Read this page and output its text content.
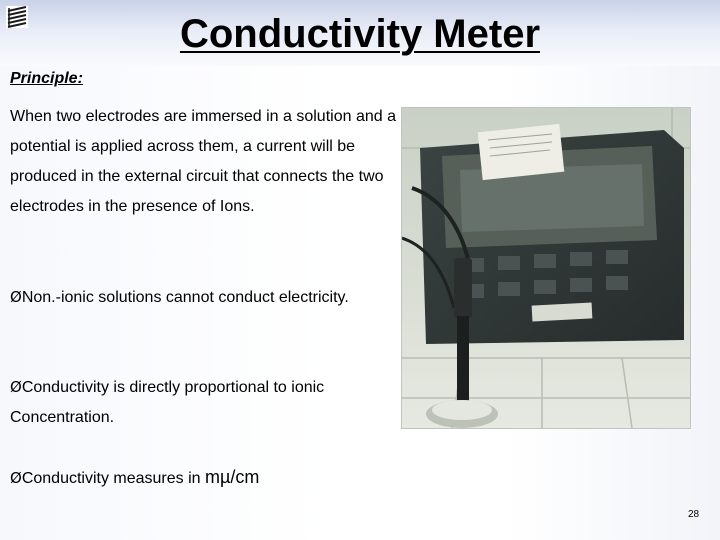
Conductivity Meter
Principle:

When two electrodes are immersed in a solution and a potential is applied across them, a current will be produced in the external circuit that connects the two electrodes in the presence of Ions.

ØNon.-ionic solutions cannot conduct electricity.

ØConductivity is directly proportional to ionic Concentration.

ØConductivity measures in mµ/cm

28
